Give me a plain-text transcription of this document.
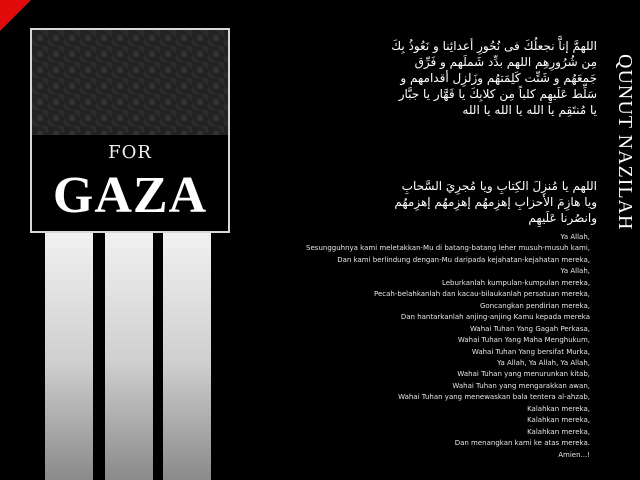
FOR
GAZA
اللهمَّ إناَّ نجعلُكَ فى نُحُورِ أعدائِنا و نَعُوذُ بِكَ
مِن شُرُورِهِم اللهم بدِّد شَملَهم و فَرِّق
جَمعَهُم و شَتِّت كَلِمَتهُم وزَلزِل أقدامهم و
سَلِّط عَلَيهِم كلباً مِن كلابِكَ يا قَهَّار يا جبَّار
يا مُنتَقِم يا الله يا الله يا الله
اللهم يا مُنزِلَ الكِتابِ ويا مُجرِيَ السَّحابِ
ويا هازِمَ الأحزابِ إهزِمهُم إهزِمهُم إهزِمهُم
وانصُرنا عَلَيهِم	QUNUT NAZILAH
Ya Allah,
Sesungguhnya kami meletakkan-Mu di batang-batang leher musuh-musuh kami,
Dan kami berlindung dengan-Mu daripada kejahatan-kejahatan mereka,
Ya Allah,
Leburkanlah kumpulan-kumpulan mereka,
Pecah-belahkanlah dan kacau-bilaukanlah persatuan mereka,
Goncangkan pendirian mereka,
Dan hantarkanlah anjing-anjing Kamu kepada mereka
Wahai Tuhan Yang Gagah Perkasa,
Wahai Tuhan Yang Maha Menghukum,
Wahai Tuhan Yang bersifat Murka,
Ya Allah, Ya Allah, Ya Allah,
Wahai Tuhan yang menurunkan kitab,
Wahai Tuhan yang mengarakkan awan,
Wahai Tuhan yang menewaskan bala tentera al-ahzab,
Kalahkan mereka,
Kalahkan mereka,
Kalahkan mereka,
Dan menangkan kami ke atas mereka.
Amien...!
